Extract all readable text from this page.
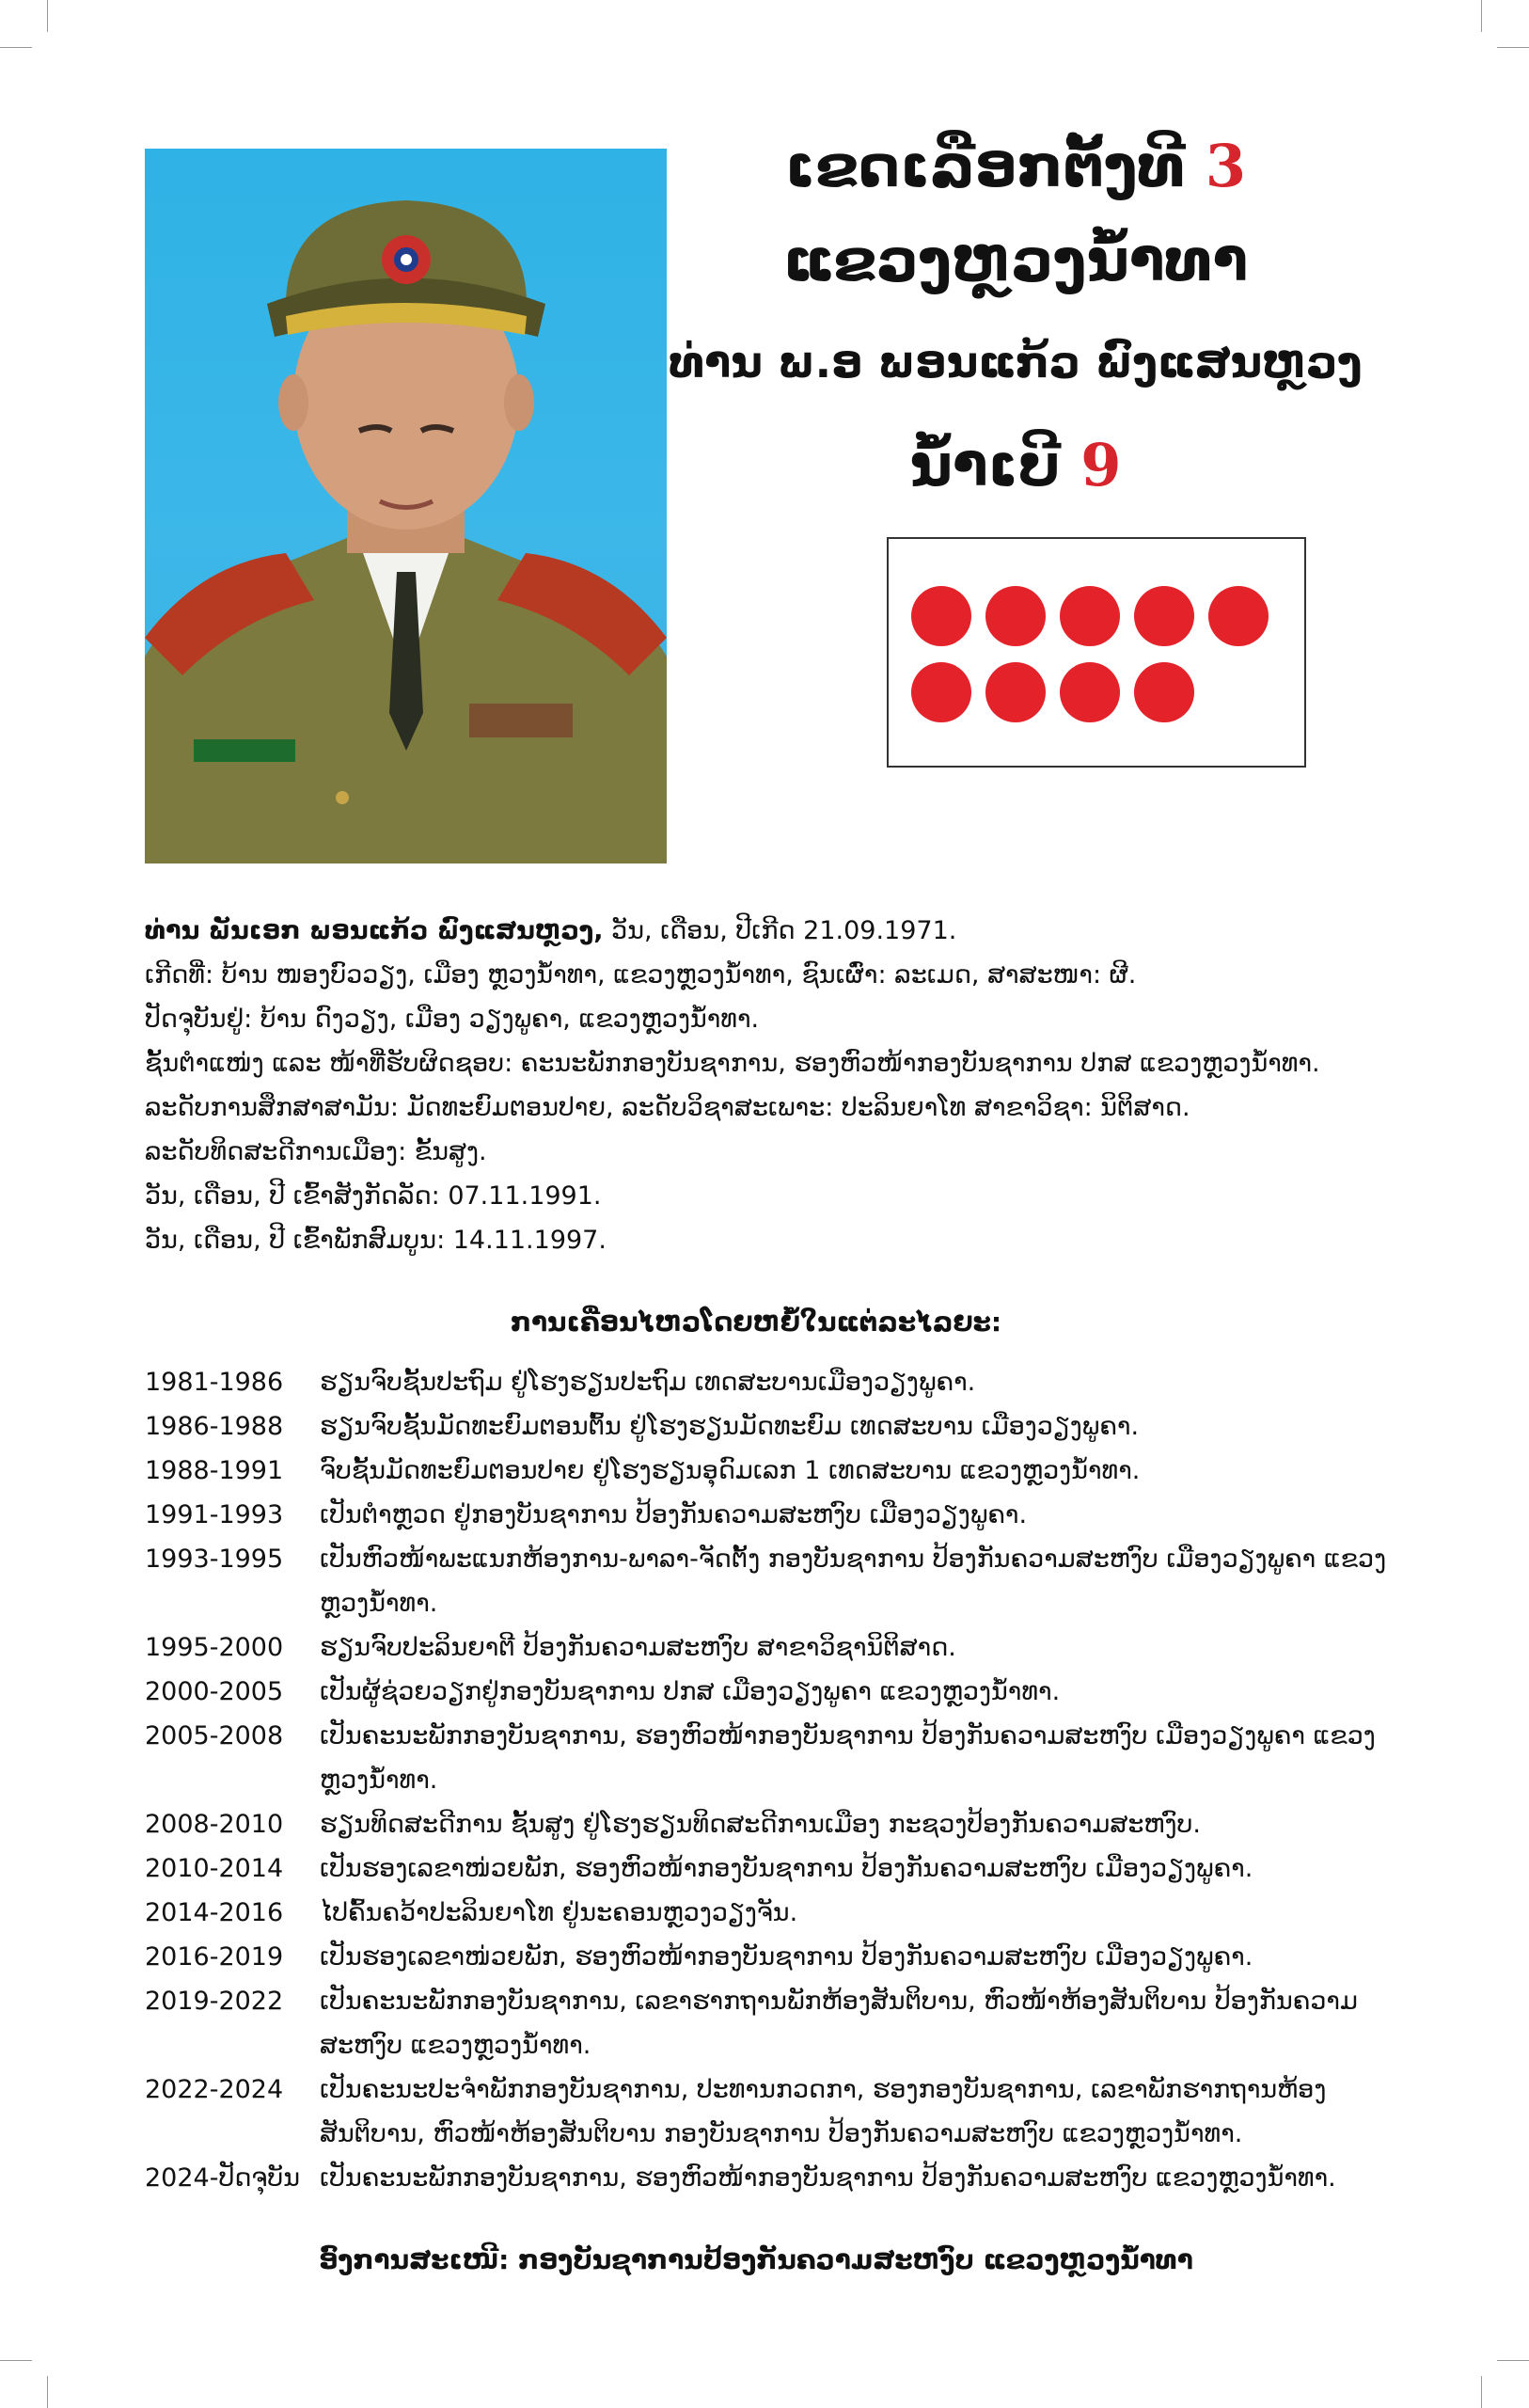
ເຂດເລືອກຕັ້ງທີ 3
ແຂວງຫຼວງນ້ຳທາ
ທ່ານ ພ.ອ ພອນແກ້ວ ພົງແສນຫຼວງ
ນໍ້າເບີ 9

ທ່ານ ພັນເອກ ພອນແກ້ວ ພົງແສນຫຼວງ, ວັນ, ເດືອນ, ປີເກີດ 21.09.1971.

ເກີດທີ່: ບ້ານ ໜອງບົວວຽງ, ເມືອງ ຫຼວງນໍ້າທາ, ແຂວງຫຼວງນໍ້າທາ, ຊົນເຜົ່າ: ລະເມດ, ສາສະໜາ: ຜີ.

ປັດຈຸບັນຢູ່: ບ້ານ ດົງວຽງ, ເມືອງ ວຽງພູຄາ, ແຂວງຫຼວງນໍ້າທາ.

ຊັ້ນຕໍາແໜ່ງ ແລະ ໜ້າທີ່ຮັບຜິດຊອບ: ຄະນະພັກກອງບັນຊາການ, ຮອງຫົວໜ້າກອງບັນຊາການ ປກສ ແຂວງຫຼວງນໍ້າທາ.

ລະດັບການສຶກສາສາມັນ: ມັດທະຍົມຕອນປາຍ, ລະດັບວິຊາສະເພາະ: ປະລິນຍາໂທ ສາຂາວິຊາ: ນິຕິສາດ.

ລະດັບທິດສະດີການເມືອງ: ຂັ້ນສູງ.

ວັນ, ເດືອນ, ປີ ເຂົ້າສັງກັດລັດ: 07.11.1991.

ວັນ, ເດືອນ, ປີ ເຂົ້າພັກສົມບູນ: 14.11.1997.

ການເຄື່ອນໄຫວໂດຍຫຍໍ້ໃນແຕ່ລະໄລຍະ:
1981-1986	ຮຽນຈົບຊັ້ນປະຖົມ ຢູ່ໂຮງຮຽນປະຖົມ ເທດສະບານເມືອງວຽງພູຄາ.
1986-1988	ຮຽນຈົບຊັ້ນມັດທະຍົມຕອນຕົ້ນ ຢູ່ໂຮງຮຽນມັດທະຍົມ ເທດສະບານ ເມືອງວຽງພູຄາ.
1988-1991	ຈົບຊັ້ນມັດທະຍົມຕອນປາຍ ຢູ່ໂຮງຮຽນອຸດົມເລກ 1 ເທດສະບານ ແຂວງຫຼວງນໍ້າທາ.
1991-1993	ເປັນຕໍາຫຼວດ ຢູ່ກອງບັນຊາການ ປ້ອງກັນຄວາມສະຫງົບ ເມືອງວຽງພູຄາ.
1993-1995	ເປັນຫົວໜ້າພະແນກຫ້ອງການ-ພາລາ-ຈັດຕັ້ງ ກອງບັນຊາການ ປ້ອງກັນຄວາມສະຫງົບ ເມືອງວຽງພູຄາ ແຂວງຫຼວງນໍ້າທາ.
1995-2000	ຮຽນຈົບປະລິນຍາຕີ ປ້ອງກັນຄວາມສະຫງົບ ສາຂາວິຊານິຕິສາດ.
2000-2005	ເປັນຜູ້ຊ່ວຍວຽກຢູ່ກອງບັນຊາການ ປກສ ເມືອງວຽງພູຄາ ແຂວງຫຼວງນໍ້າທາ.
2005-2008	ເປັນຄະນະພັກກອງບັນຊາການ, ຮອງຫົວໜ້າກອງບັນຊາການ ປ້ອງກັນຄວາມສະຫງົບ ເມືອງວຽງພູຄາ ແຂວງຫຼວງນໍ້າທາ.
2008-2010	ຮຽນທິດສະດີການ ຊັ້ນສູງ ຢູ່ໂຮງຮຽນທິດສະດີການເມືອງ ກະຊວງປ້ອງກັນຄວາມສະຫງົບ.
2010-2014	ເປັນຮອງເລຂາໜ່ວຍພັກ, ຮອງຫົວໜ້າກອງບັນຊາການ ປ້ອງກັນຄວາມສະຫງົບ ເມືອງວຽງພູຄາ.
2014-2016	ໄປຄົ້ນຄວ້າປະລິນຍາໂທ ຢູ່ນະຄອນຫຼວງວຽງຈັນ.
2016-2019	ເປັນຮອງເລຂາໜ່ວຍພັກ, ຮອງຫົວໜ້າກອງບັນຊາການ ປ້ອງກັນຄວາມສະຫງົບ ເມືອງວຽງພູຄາ.
2019-2022	ເປັນຄະນະພັກກອງບັນຊາການ, ເລຂາຮາກຖານພັກຫ້ອງສັນຕິບານ, ຫົວໜ້າຫ້ອງສັນຕິບານ ປ້ອງກັນຄວາມສະຫງົບ ແຂວງຫຼວງນໍ້າທາ.
2022-2024	ເປັນຄະນະປະຈໍາພັກກອງບັນຊາການ, ປະທານກວດກາ, ຮອງກອງບັນຊາການ, ເລຂາພັກຮາກຖານຫ້ອງສັນຕິບານ, ຫົວໜ້າຫ້ອງສັນຕິບານ ກອງບັນຊາການ ປ້ອງກັນຄວາມສະຫງົບ ແຂວງຫຼວງນໍ້າທາ.
2024-ປັດຈຸບັນ ເປັນຄະນະພັກກອງບັນຊາການ, ຮອງຫົວໜ້າກອງບັນຊາການ ປ້ອງກັນຄວາມສະຫງົບ ແຂວງຫຼວງນໍ້າທາ.
ອົງການສະເໜີ: ກອງບັນຊາການປ້ອງກັນຄວາມສະຫງົບ ແຂວງຫຼວງນໍ້າທາ
